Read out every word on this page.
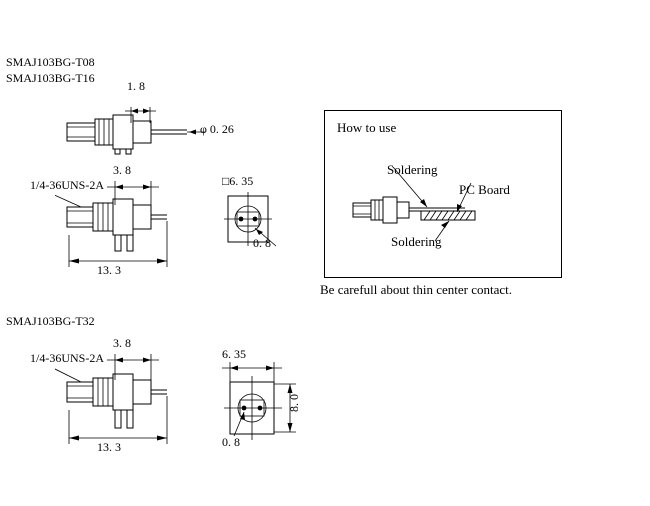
SMAJ103BG-T08
SMAJ103BG-T16
1. 8
φ 0. 26
1/4-36UNS-2A
3. 8
13. 3
□6. 35
0. 8
How to use
Soldering
PC Board
Soldering
Be carefull about thin center contact.
SMAJ103BG-T32
1/4-36UNS-2A
3. 8
13. 3
6. 35
8. 0
0. 8
